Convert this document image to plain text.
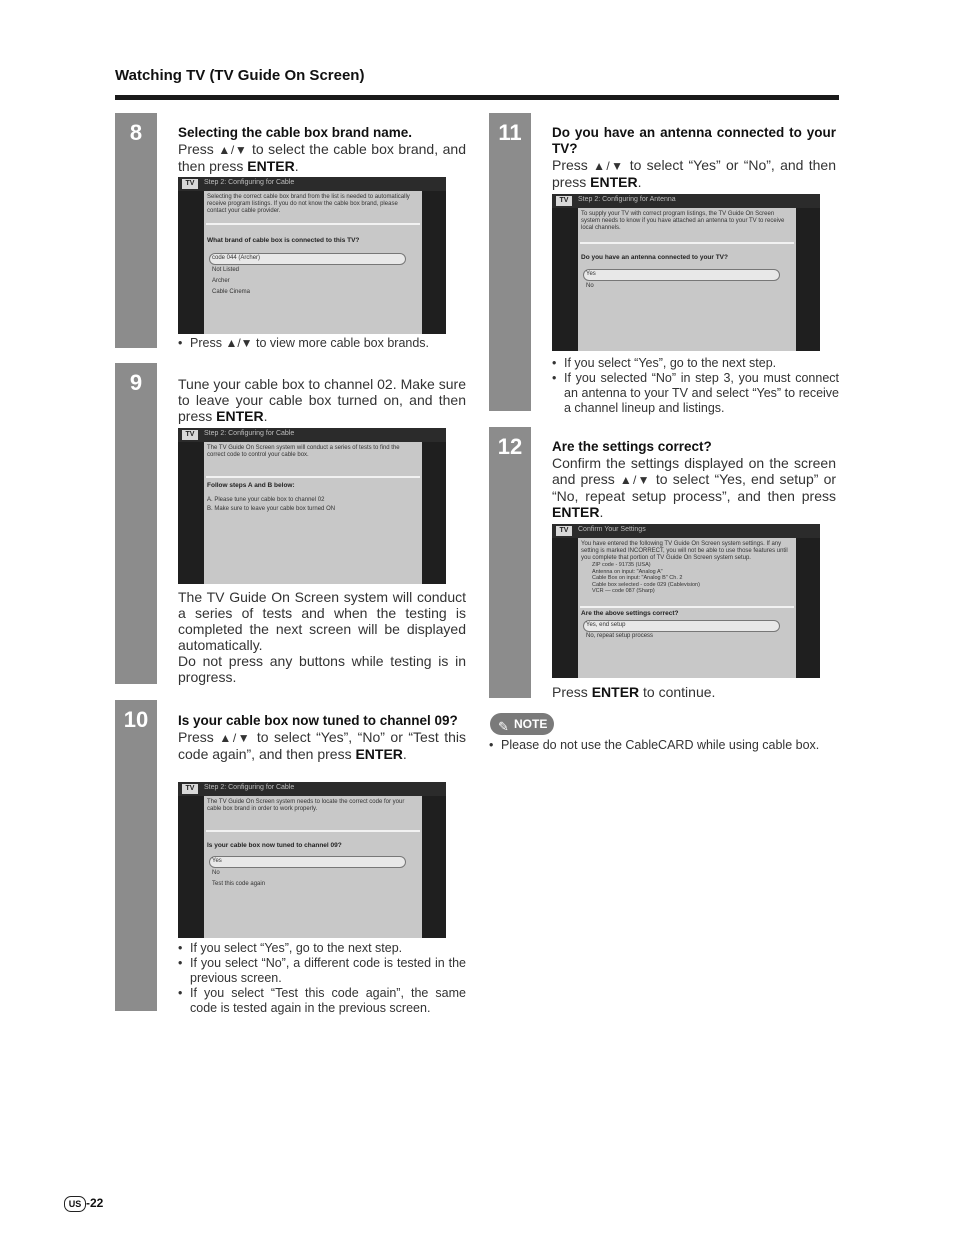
Watching TV (TV Guide On Screen)
8	Selecting the cable box brand name.

Press ▲/▼ to select the cable box brand, and then press ENTER.

TV	Step 2: Configuring for Cable
Selecting the correct cable box brand from the list is needed to automatically receive program listings. If you do not know the cable box brand, please contact your cable provider.
What brand of cable box is connected to this TV?
code 044 (Archer)
Not Listed
Archer
Cable Cinema
• Press ▲/▼ to view more cable box brands.
9	Tune your cable box to channel 02. Make sure to leave your cable box turned on, and then press ENTER.

TV	Step 2: Configuring for Cable
The TV Guide On Screen system will conduct a series of tests to find the correct code to control your cable box.
Follow steps A and B below:
A. Please tune your cable box to channel 02
B. Make sure to leave your cable box turned ON

The TV Guide On Screen system will conduct a series of tests and when the testing is completed the next screen will be displayed automatically.

Do not press any buttons while testing is in progress.

10	Is your cable box now tuned to channel 09?

Press ▲/▼ to select “Yes”, “No” or “Test this code again”, and then press ENTER.

TV	Step 2: Configuring for Cable
The TV Guide On Screen system needs to locate the correct code for your cable box brand in order to work properly.
Is your cable box now tuned to channel 09?
Yes
No
Test this code again
• If you select “Yes”, go to the next step.
• If you select “No”, a different code is tested in the previous screen.
• If you select “Test this code again”, the same code is tested again in the previous screen.
11	Do you have an antenna connected to your TV?

Press ▲/▼ to select “Yes” or “No”, and then press ENTER.

TV	Step 2: Configuring for Antenna
To supply your TV with correct program listings, the TV Guide On Screen system needs to know if you have attached an antenna to your TV to receive local channels.
Do you have an antenna connected to your TV?
Yes
No
• If you select “Yes”, go to the next step.
• If you selected “No” in step 3, you must connect an antenna to your TV and select “Yes” to receive a channel lineup and listings.
12	Are the settings correct?

Confirm the settings displayed on the screen and press ▲/▼ to select “Yes, end setup” or “No, repeat setup process”, and then press ENTER.

TV	Confirm Your Settings
You have entered the following TV Guide On Screen system settings. If any setting is marked INCORRECT, you will not be able to use those features until you complete that portion of TV Guide On Screen system setup.
ZIP code - 91735 (USA)
Antenna on input: "Analog A"
Cable Box on input: "Analog B" Ch. 2
Cable box selected - code 029 (Cablevision)
VCR — code 087 (Sharp)
Are the above settings correct?
Yes, end setup
No, repeat setup process

Press ENTER to continue.

✎ NOTE
• Please do not use the CableCARD while using cable box.
US -22
